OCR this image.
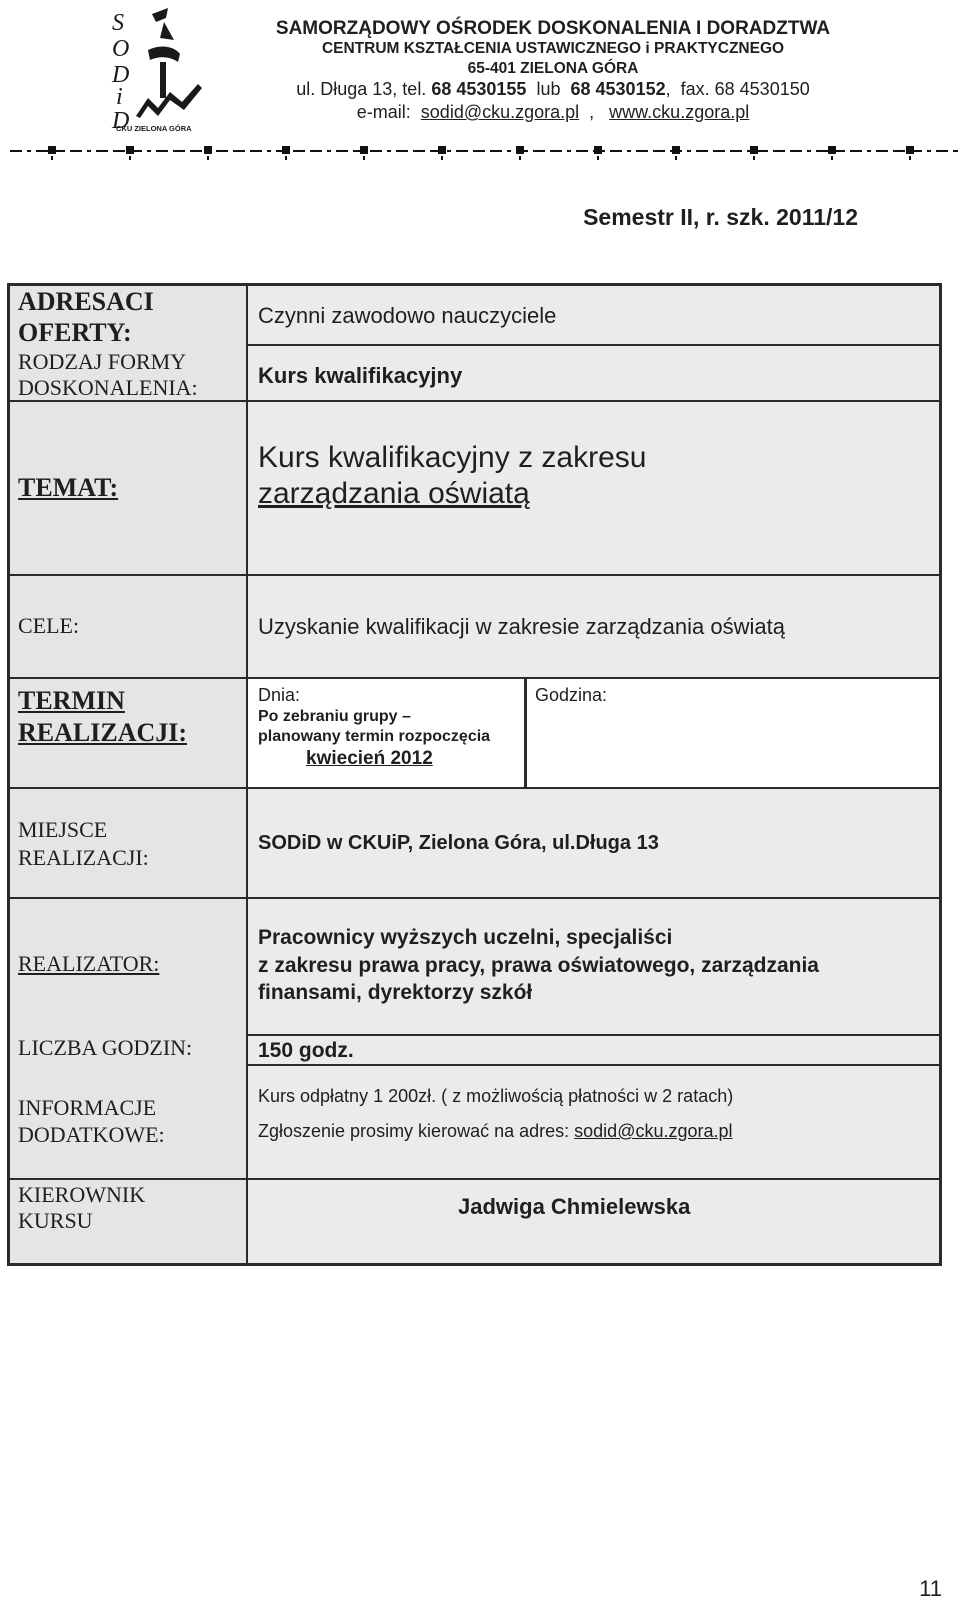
S
O
D
i
D
CKU ZIELONA GÓRA
SAMORZĄDOWY OŚRODEK DOSKONALENIA I DORADZTWA
CENTRUM KSZTAŁCENIA USTAWICZNEGO i PRAKTYCZNEGO
65-401 ZIELONA GÓRA
ul. Długa 13, tel. 68 4530155 lub 68 4530152,  fax. 68 4530150
e-mail: sodid@cku.zgora.pl  ,   www.cku.zgora.pl
Semestr II, r. szk. 2011/12
ADRESACI OFERTY:
RODZAJ FORMY DOSKONALENIA:
Czynni zawodowo nauczyciele
Kurs kwalifikacyjny
TEMAT:
Kurs kwalifikacyjny z zakresu
zarządzania oświatą
CELE:	Uzyskanie kwalifikacji w zakresie zarządzania oświatą
TERMIN
REALIZACJI:
Dnia:
Po zebraniu grupy –
planowany termin rozpoczęcia
kwiecień 2012
Godzina:
MIEJSCE
REALIZACJI:
SODiD w CKUiP, Zielona Góra, ul.Długa 13
REALIZATOR:
Pracownicy wyższych uczelni, specjaliści
z zakresu prawa pracy, prawa oświatowego, zarządzania
finansami, dyrektorzy szkół
LICZBA GODZIN:	150 godz.
INFORMACJE
DODATKOWE:
Kurs odpłatny 1 200zł. ( z możliwością płatności w 2 ratach)
Zgłoszenie prosimy kierować na adres: sodid@cku.zgora.pl
KIEROWNIK
KURSU
Jadwiga Chmielewska
11
